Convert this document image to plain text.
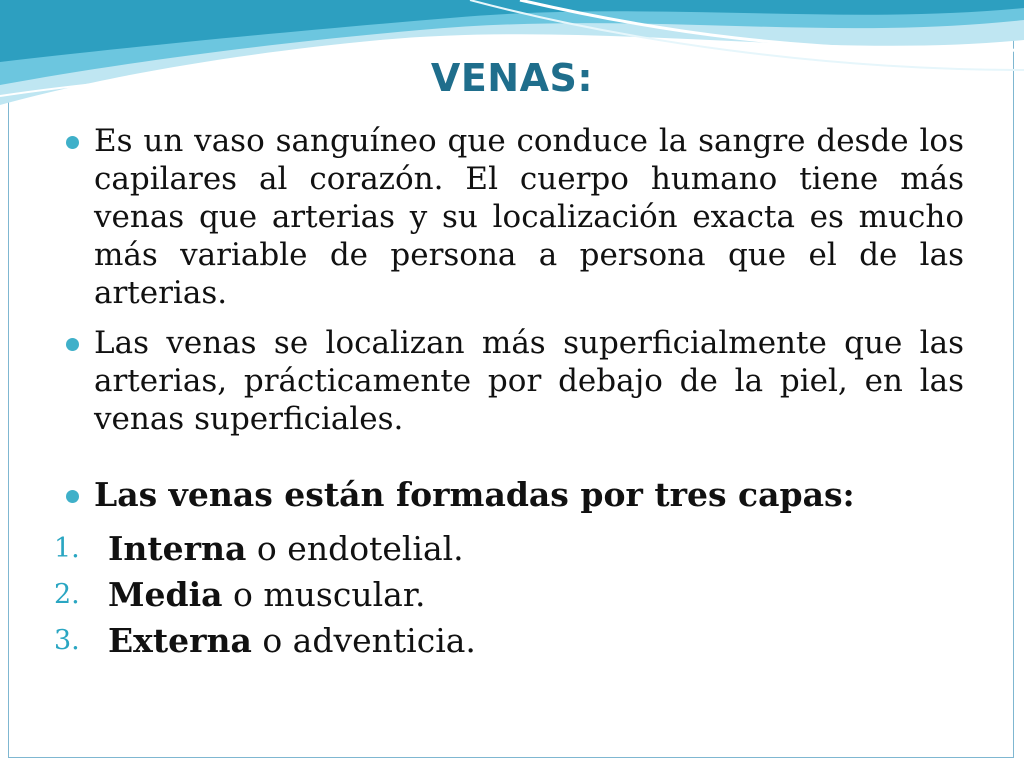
VENAS:
Es un vaso sanguíneo que conduce la sangre desde los capilares al corazón. El cuerpo humano tiene más venas que arterias y su localización exacta es mucho más variable de persona a persona que el de las arterias.
Las venas se localizan más superficialmente que las arterias, prácticamente por debajo de la piel, en las venas superficiales.
Las venas están formadas por tres capas:
1. Interna o endotelial.
2. Media o muscular.
3. Externa o adventicia.
